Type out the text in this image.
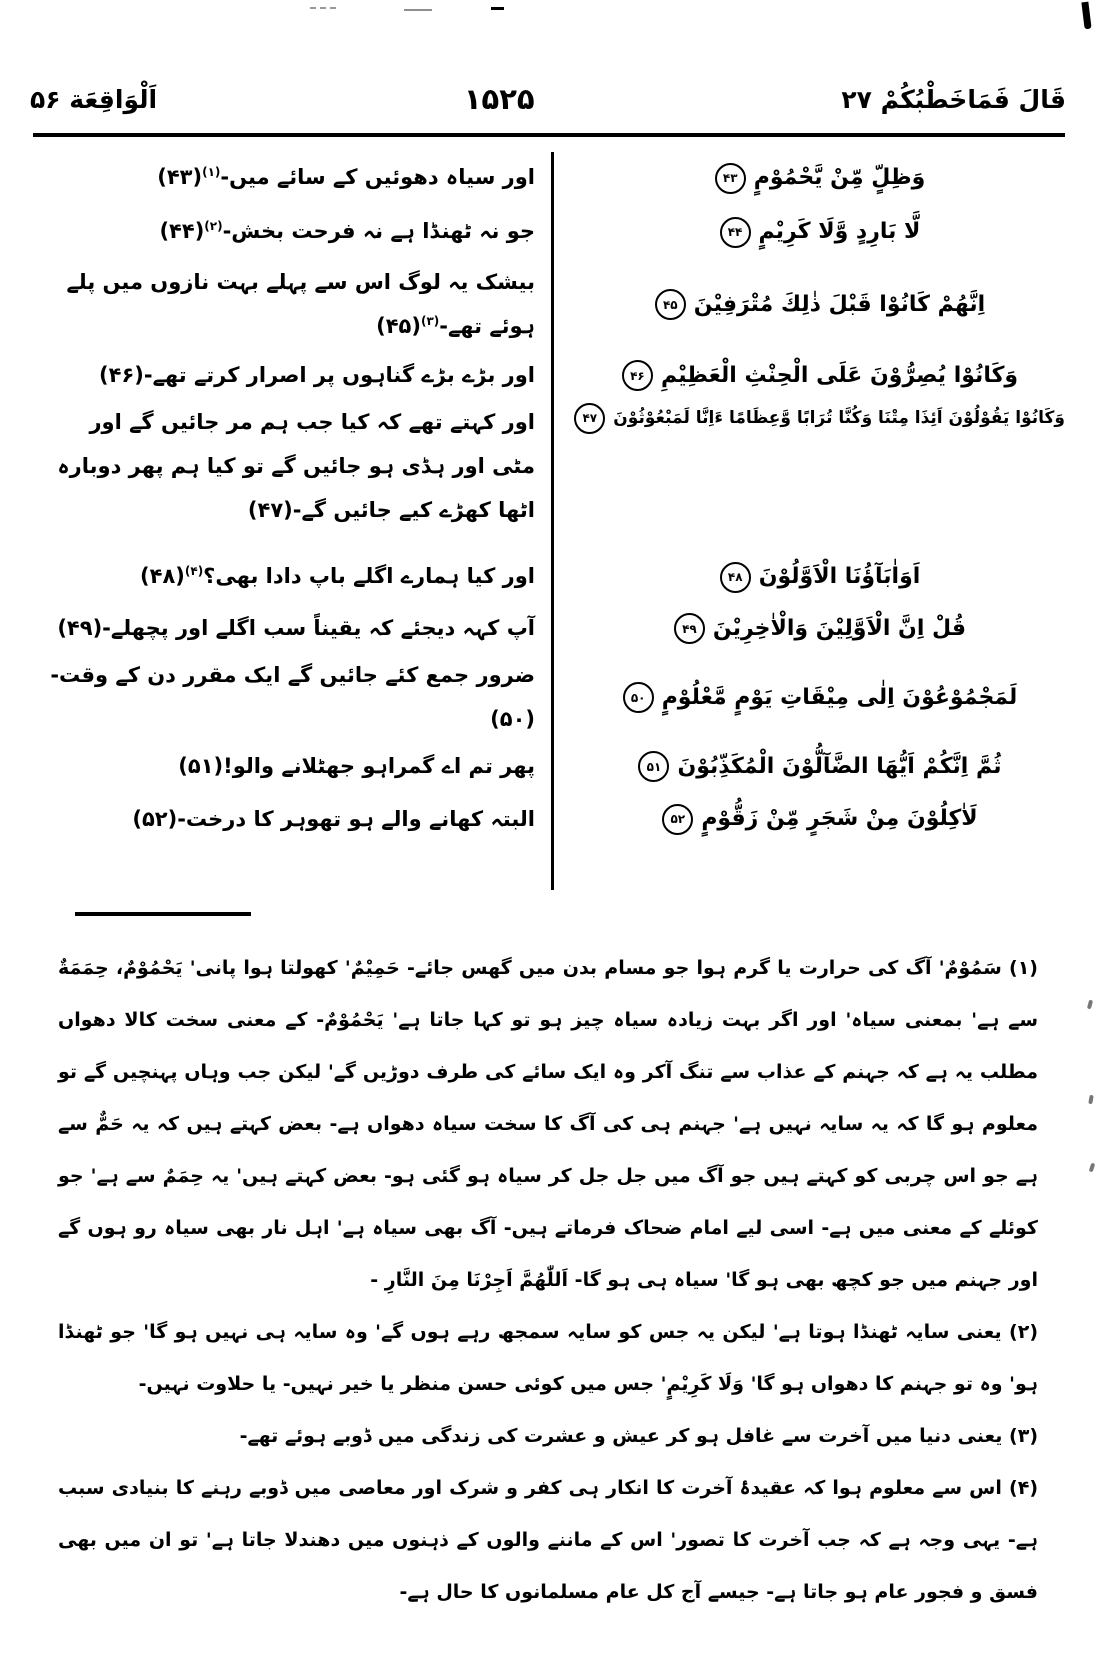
قَالَ فَمَاخَطْبُكُمْ ۲۷
۱۵۲۵
اَلْوَاقِعَة ۵۶
وَظِلٍّ مِّنْ يَّحْمُوْمٍ۴۳
اور سیاہ دھوئیں کے سائے میں-$^{(۱)}$(۴۳)
لَّا بَارِدٍ وَّلَا كَرِيْمٍ۴۴
جو نہ ٹھنڈا ہے نہ فرحت بخش-$^{(۲)}$(۴۴)
اِنَّهُمْ كَانُوْا قَبْلَ ذٰلِكَ مُتْرَفِيْنَ۴۵
بیشک یہ لوگ اس سے پہلے بہت نازوں میں پلے ہوئے تھے-$^{(۳)}$(۴۵)
وَكَانُوْا يُصِرُّوْنَ عَلَى الْحِنْثِ الْعَظِيْمِ۴۶
اور بڑے بڑے گناہوں پر اصرار کرتے تھے-(۴۶)
وَكَانُوْا يَقُوْلُوْنَ اَئِذَا مِتْنَا وَكُنَّا تُرَابًا وَّعِظَامًا ءَاِنَّا لَمَبْعُوْثُوْنَ۴۷
اور کہتے تھے کہ کیا جب ہم مر جائیں گے اور مٹی اور ہڈی ہو جائیں گے تو کیا ہم پھر دوبارہ اٹھا کھڑے کیے جائیں گے-(۴۷)
اَوَاٰبَآؤُنَا الْاَوَّلُوْنَ۴۸
اور کیا ہمارے اگلے باپ دادا بھی؟$^{(۴)}$(۴۸)
قُلْ اِنَّ الْاَوَّلِيْنَ وَالْاٰخِرِيْنَ۴۹
آپ کہہ دیجئے کہ یقیناً سب اگلے اور پچھلے-(۴۹)
لَمَجْمُوْعُوْنَ اِلٰى مِيْقَاتِ يَوْمٍ مَّعْلُوْمٍ۵۰
ضرور جمع کئے جائیں گے ایک مقرر دن کے وقت-(۵۰)
ثُمَّ اِنَّكُمْ اَيُّهَا الضَّآلُّوْنَ الْمُكَذِّبُوْنَ۵۱
پھر تم اے گمراہو جھٹلانے والو!(۵۱)
لَاٰكِلُوْنَ مِنْ شَجَرٍ مِّنْ زَقُّوْمٍ۵۲
البتہ کھانے والے ہو تھوہر کا درخت-(۵۲)

(۱) سَمُوْمٌ' آگ کی حرارت یا گرم ہوا جو مسام بدن میں گھس جائے- حَمِیْمٌ' کھولتا ہوا پانی' یَحْمُوْمٌ، حِمَمَةٌ سے ہے' بمعنی سیاہ' اور اگر بہت زیادہ سیاہ چیز ہو تو کہا جاتا ہے' یَحْمُوْمٌ- کے معنی سخت کالا دھواں مطلب یہ ہے کہ جہنم کے عذاب سے تنگ آکر وہ ایک سائے کی طرف دوڑیں گے' لیکن جب وہاں پہنچیں گے تو معلوم ہو گا کہ یہ سایہ نہیں ہے' جہنم ہی کی آگ کا سخت سیاہ دھواں ہے- بعض کہتے ہیں کہ یہ حَمٌّ سے ہے جو اس چربی کو کہتے ہیں جو آگ میں جل جل کر سیاہ ہو گئی ہو- بعض کہتے ہیں' یہ حِمَمٌ سے ہے' جو کوئلے کے معنی میں ہے- اسی لیے امام ضحاک فرماتے ہیں- آگ بھی سیاہ ہے' اہل نار بھی سیاہ رو ہوں گے اور جہنم میں جو کچھ بھی ہو گا' سیاہ ہی ہو گا- اَللّٰهُمَّ اَجِرْنَا مِنَ النَّارِ -

(۲) یعنی سایہ ٹھنڈا ہوتا ہے' لیکن یہ جس کو سایہ سمجھ رہے ہوں گے' وہ سایہ ہی نہیں ہو گا' جو ٹھنڈا ہو' وہ تو جہنم کا دھواں ہو گا' وَلَا كَرِيْمٍ' جس میں کوئی حسن منظر یا خیر نہیں- یا حلاوت نہیں-

(۳) یعنی دنیا میں آخرت سے غافل ہو کر عیش و عشرت کی زندگی میں ڈوبے ہوئے تھے-

(۴) اس سے معلوم ہوا کہ عقیدۂ آخرت کا انکار ہی کفر و شرک اور معاصی میں ڈوبے رہنے کا بنیادی سبب ہے- یہی وجہ ہے کہ جب آخرت کا تصور' اس کے ماننے والوں کے ذہنوں میں دھندلا جاتا ہے' تو ان میں بھی فسق و فجور عام ہو جاتا ہے- جیسے آج کل عام مسلمانوں کا حال ہے-
